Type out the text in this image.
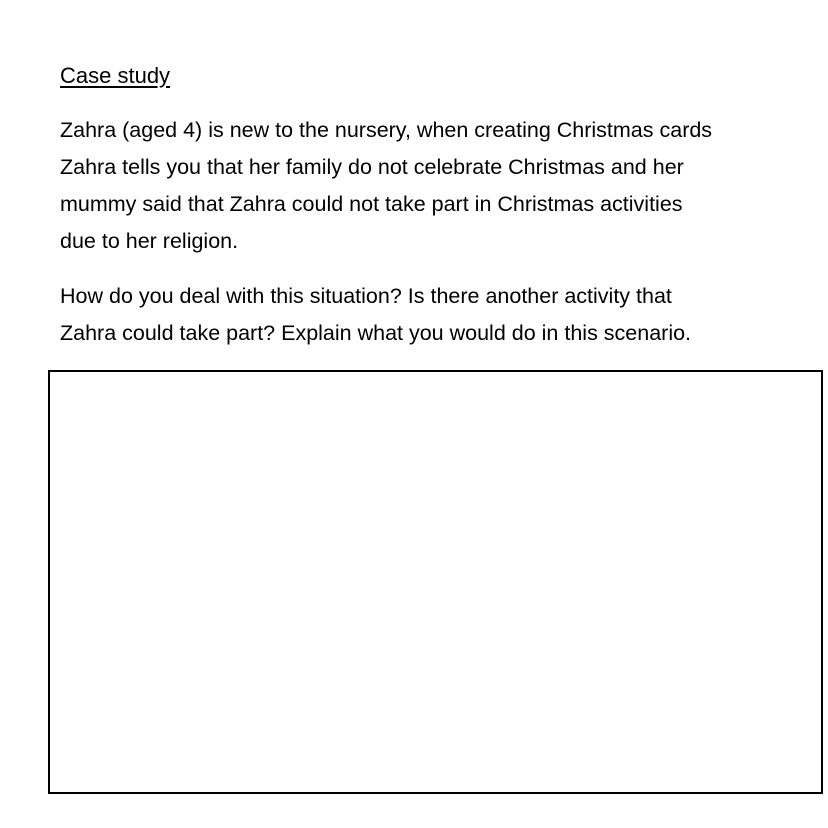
Case study

Zahra (aged 4) is new to the nursery, when creating Christmas cards
Zahra tells you that her family do not celebrate Christmas and her
mummy said that Zahra could not take part in Christmas activities
due to her religion.

How do you deal with this situation? Is there another activity that
Zahra could take part? Explain what you would do in this scenario.
